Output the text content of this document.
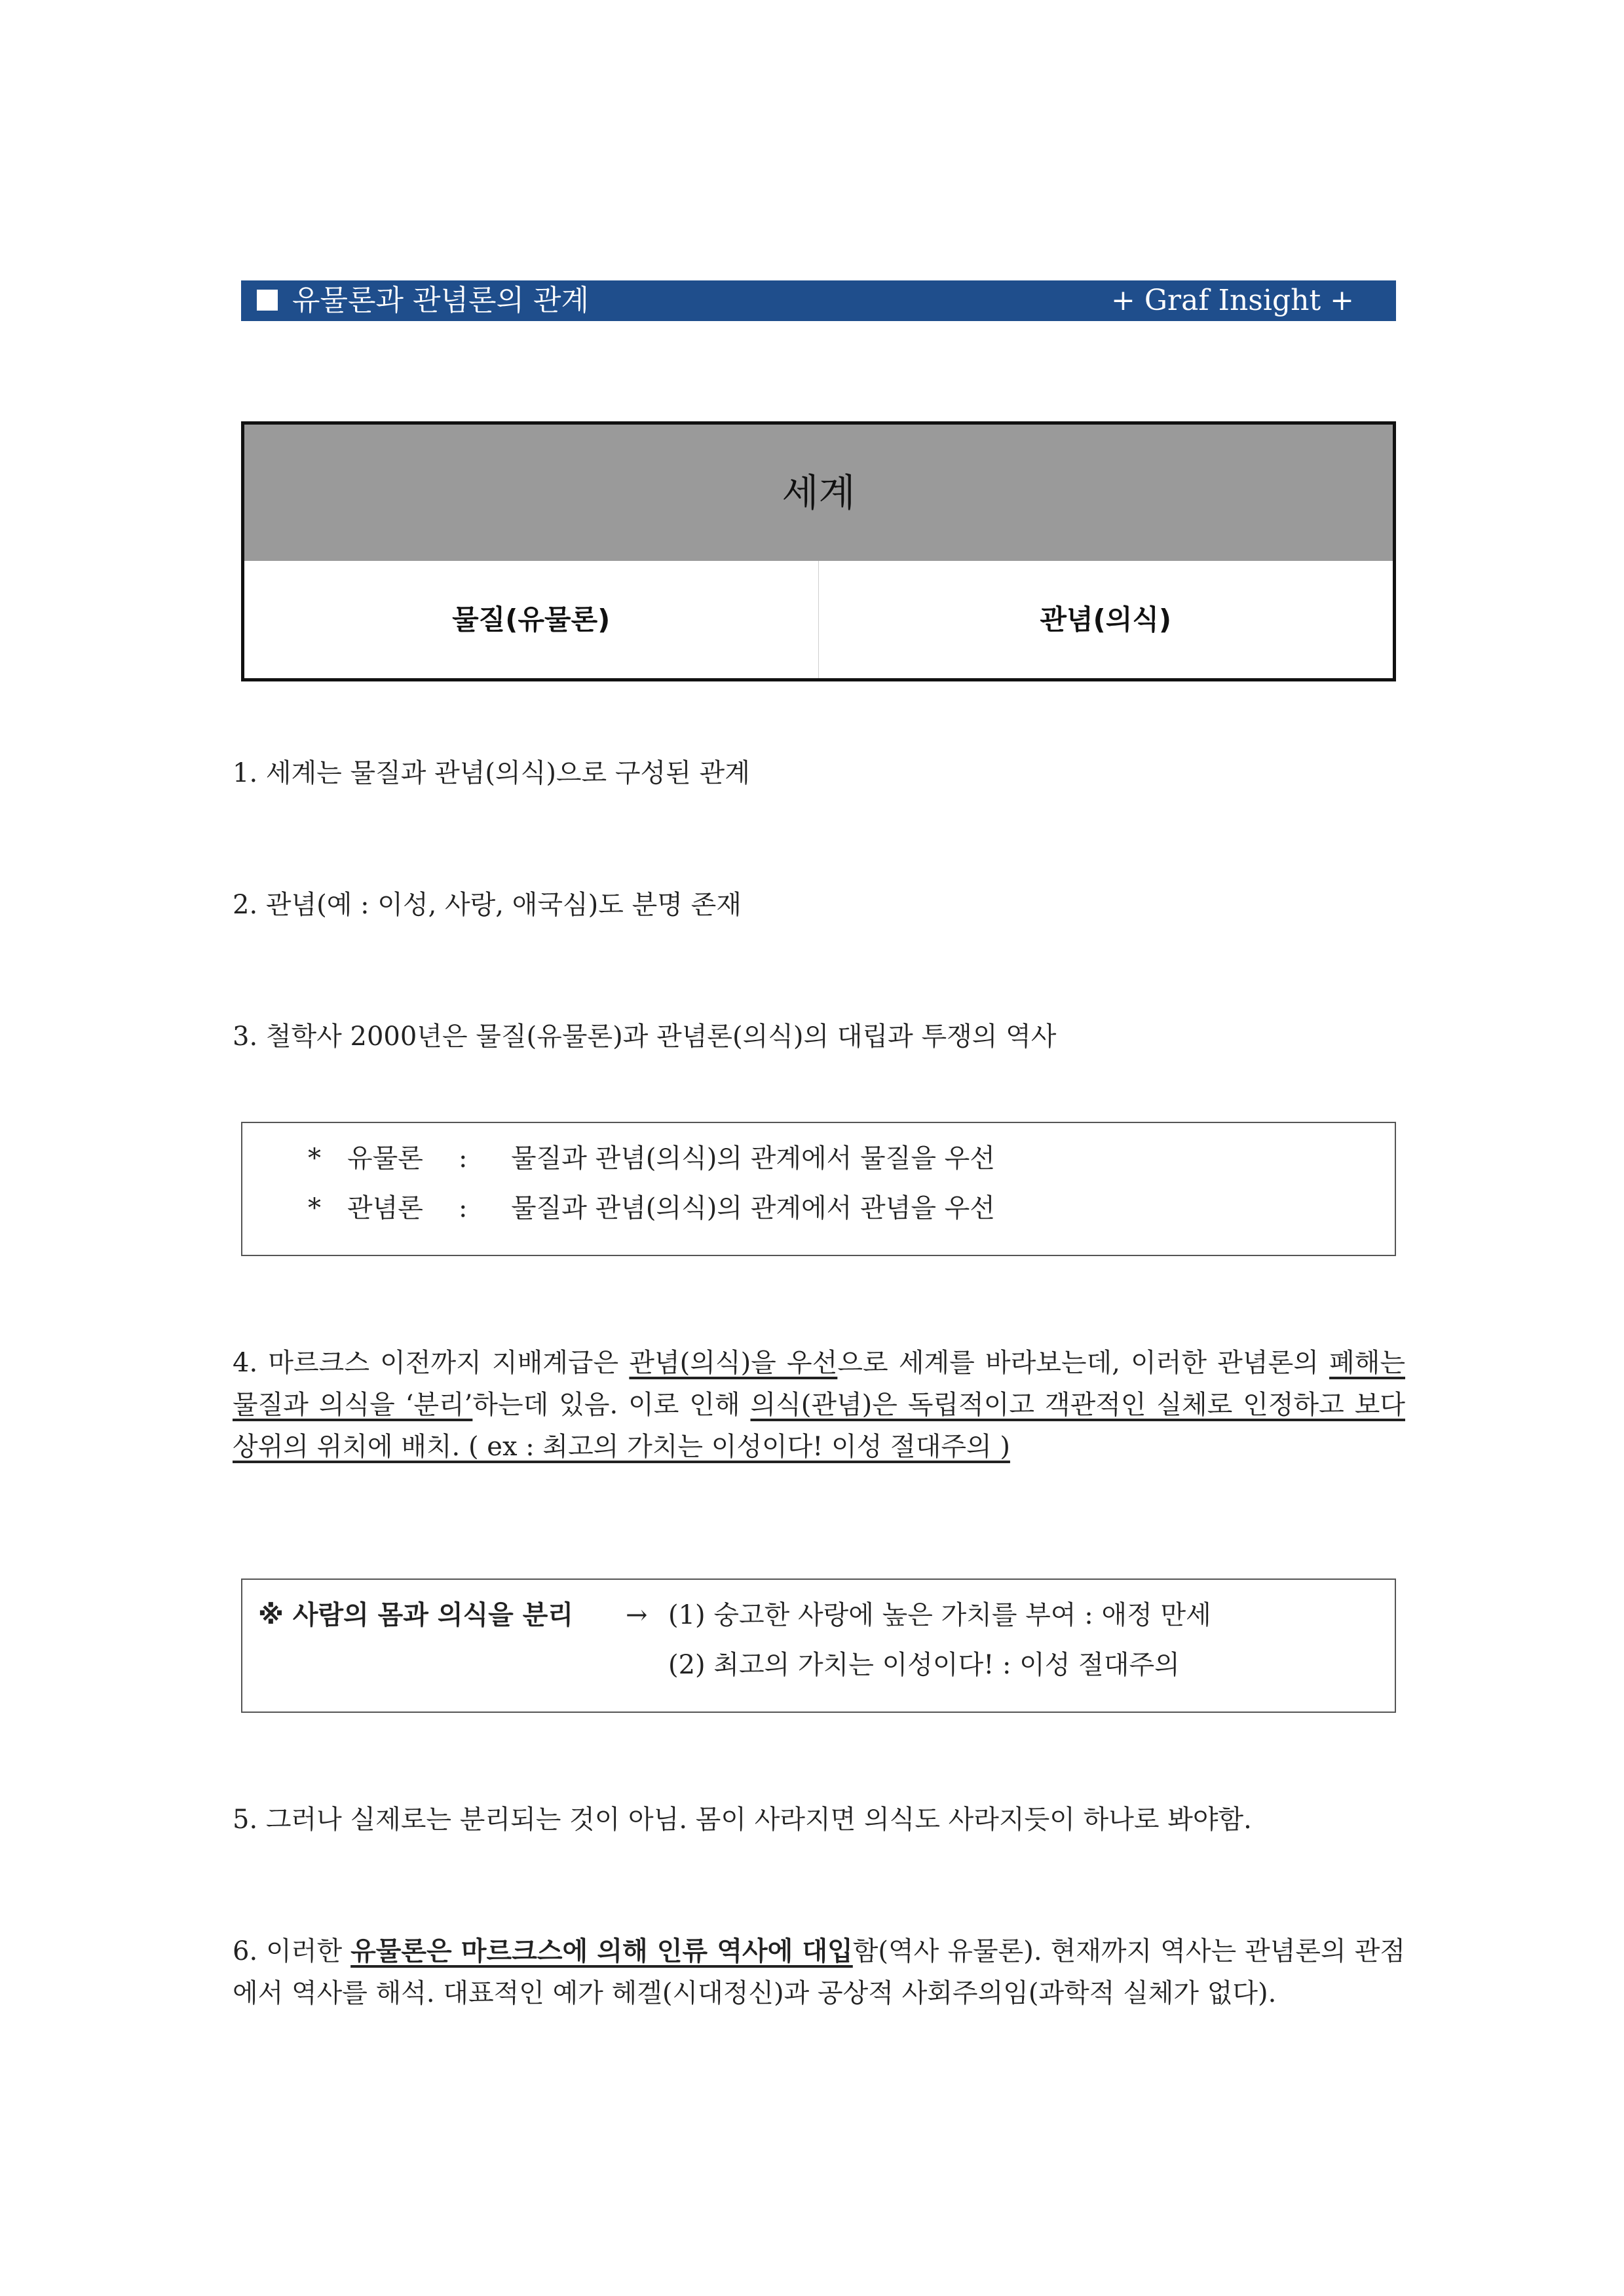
유물론과 관념론의 관계	+ Graf Insight +
세계
물질(유물론)	관념(의식)
1. 세계는 물질과 관념(의식)으로 구성된 관계
2. 관념(예 : 이성, 사랑, 애국심)도 분명 존재
3. 철학사 2000년은 물질(유물론)과 관념론(의식)의 대립과 투쟁의 역사
* 유물론 : 물질과 관념(의식)의 관계에서 물질을 우선
* 관념론 : 물질과 관념(의식)의 관계에서 관념을 우선
4. 마르크스 이전까지 지배계급은 관념(의식)을 우선으로 세계를 바라보는데, 이러한 관념론의 폐해는 물질과 의식을 ‘분리’하는데 있음. 이로 인해 의식(관념)은 독립적이고 객관적인 실체로 인정하고 보다 상위의 위치에 배치. ( ex : 최고의 가치는 이성이다! 이성 절대주의 )
※ 사람의 몸과 의식을 분리 → (1) 숭고한 사랑에 높은 가치를 부여 : 애정 만세
(2) 최고의 가치는 이성이다! : 이성 절대주의
5. 그러나 실제로는 분리되는 것이 아님. 몸이 사라지면 의식도 사라지듯이 하나로 봐야함.
6. 이러한 유물론은 마르크스에 의해 인류 역사에 대입함(역사 유물론). 현재까지 역사는 관념론의 관점에서 역사를 해석. 대표적인 예가 헤겔(시대정신)과 공상적 사회주의임(과학적 실체가 없다).
